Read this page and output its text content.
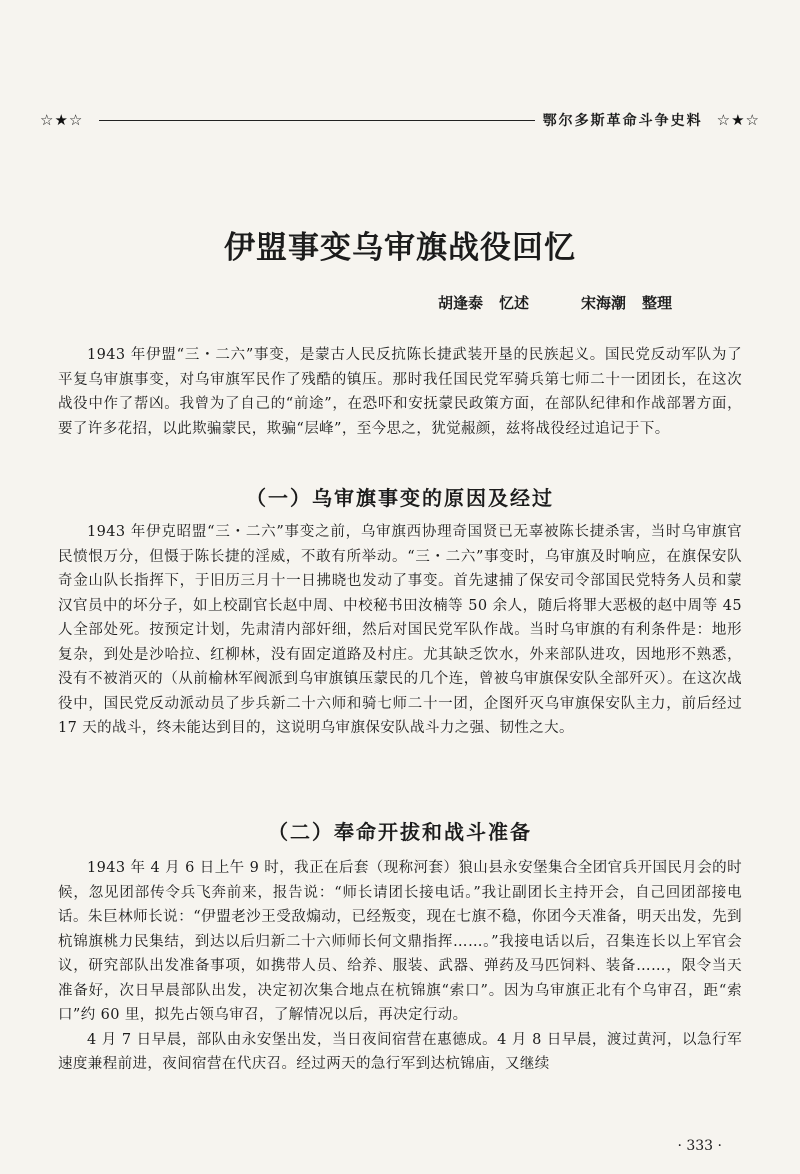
☆★☆	鄂尔多斯革命斗争史料 ☆★☆
伊盟事变乌审旗战役回忆
胡逢泰 忆述	宋海潮 整理

1943 年伊盟“三・二六”事变，是蒙古人民反抗陈长捷武装开垦的民族起义。国民党反动军队为了平复乌审旗事变，对乌审旗军民作了残酷的镇压。那时我任国民党军骑兵第七师二十一团团长，在这次战役中作了帮凶。我曾为了自己的“前途”，在恐吓和安抚蒙民政策方面，在部队纪律和作战部署方面，要了许多花招，以此欺骗蒙民，欺骗“层峰”，至今思之，犹觉赧颜，兹将战役经过追记于下。

（一）乌审旗事变的原因及经过

1943 年伊克昭盟“三・二六”事变之前，乌审旗西协理奇国贤已无辜被陈长捷杀害，当时乌审旗官民愤恨万分，但慑于陈长捷的淫威，不敢有所举动。“三・二六”事变时，乌审旗及时响应，在旗保安队奇金山队长指挥下，于旧历三月十一日拂晓也发动了事变。首先逮捕了保安司令部国民党特务人员和蒙汉官员中的坏分子，如上校副官长赵中周、中校秘书田汝楠等 50 余人，随后将罪大恶极的赵中周等 45 人全部处死。按预定计划，先肃清内部奸细，然后对国民党军队作战。当时乌审旗的有利条件是：地形复杂，到处是沙哈拉、红柳林，没有固定道路及村庄。尤其缺乏饮水，外来部队进攻，因地形不熟悉，没有不被消灭的（从前榆林军阀派到乌审旗镇压蒙民的几个连，曾被乌审旗保安队全部歼灭）。在这次战役中，国民党反动派动员了步兵新二十六师和骑七师二十一团，企图歼灭乌审旗保安队主力，前后经过 17 天的战斗，终未能达到目的，这说明乌审旗保安队战斗力之强、韧性之大。

（二）奉命开拔和战斗准备

1943 年 4 月 6 日上午 9 时，我正在后套（现称河套）狼山县永安堡集合全团官兵开国民月会的时候，忽见团部传令兵飞奔前来，报告说：“师长请团长接电话。”我让副团长主持开会，自己回团部接电话。朱巨林师长说：“伊盟老沙王受敌煽动，已经叛变，现在七旗不稳，你团今天准备，明天出发，先到杭锦旗桃力民集结，到达以后归新二十六师师长何文鼎指挥……。”我接电话以后，召集连长以上军官会议，研究部队出发准备事项，如携带人员、给养、服装、武器、弹药及马匹饲料、装备……，限令当天准备好，次日早晨部队出发，决定初次集合地点在杭锦旗“索口”。因为乌审旗正北有个乌审召，距“索口”约 60 里，拟先占领乌审召，了解情况以后，再决定行动。

4 月 7 日早晨，部队由永安堡出发，当日夜间宿营在惠德成。4 月 8 日早晨，渡过黄河，以急行军速度兼程前进，夜间宿营在代庆召。经过两天的急行军到达杭锦庙，又继续

· 333 ·
